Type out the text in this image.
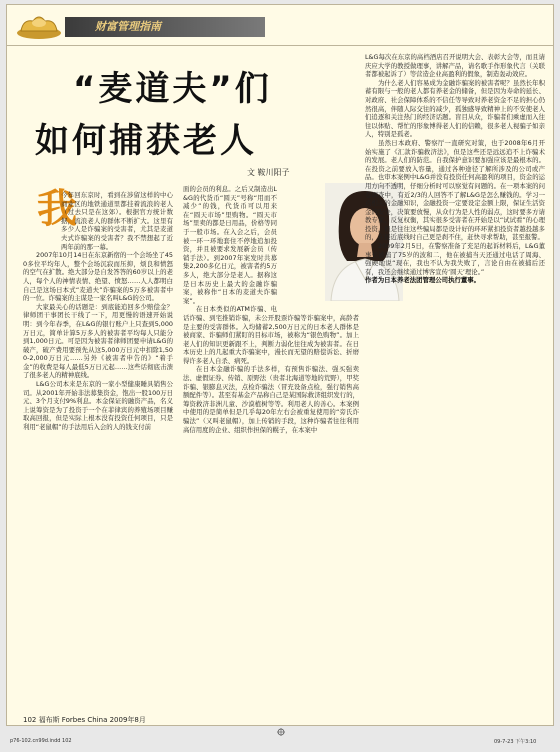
财富管理指南
“麦道夫”们
如何捕获老人
文 鞍川阳子
我

今年回东京时，看到在涉留这样的中心商业区的地铁通道里都挂着流浪的老人（过去只是在这郊）。根据官方统计数据，流浪老人的群体不断扩大。这里有多少人是诈骗案的受害者，尤其是麦道夫式诈骗案的受害者？我不禁想起了近两年前的那一幕。

2007年10月14日在东京新宿的一个会场坐了450多位平均年人，整个会场沉寂而压抑，烦良和愤怒的空气在扩散。绝大部分是自发答答的60岁以上的老人，每个人的神情表情、绝望、愤怒……人人都明白自己是这场日本式“麦道夫”诈骗案的5万多被害者中的一位。诈骗案的主谋是一家名叫L&G的公司。

大家最关心的话题是：到底能追回多少赔偿金？律师团干事团长干线了一下，用更慢的语速开始说明：到今年春季，在L&G的银行账户上只查到5,000万日元，简单计算5万多人的被害者平均每人只能分到1,000日元。可是因为被害者律师团要申请L&G的破产，破产费用要预先从这5,000万日元中扣除1,500-2,000万日元……另外《被害者申告的》“着手金”的收费是每人最低5万日元起……这些话彻底击溃了很多老人的精神底线。

L&G公司本来是东京的一家小型健康睡具销售公司。从2001年开始非法募集资金，饱出一股100万日元、3个月支付9%利息。本金保证的融资产品，名义上说筹资是为了投资于一个在菲律宾的养殖场项目赚取高回报，但是实际上根本没有投资任何项目，只是利用“老鼠帽”的手法用后入会的人的钱支付前

面的会员的利息。之后又制造出L&G的代货币“圆天”号称“用而不减少”的钱，代货币可以用来在“圆天市场”里购物。“圆天市场”里卖的都是日用品，价格等同于一般市场。在入会之后，会员被一环一环地套住不停地追加投资，并且被要求发展新会员（传销手法）。到2007年案发时共募集2,200多亿日元，被害者约5万多人，绝大部分是老人。据称这是日本历史上最大的金融诈骗案，被称作“日本的麦道夫诈骗案”。

在日本类似的ATM诈骗、电话诈骗、到宅推销诈骗，未公开股票诈骗等诈骗案中，高龄者是主要的受害群体。入均储蓄2,500万日元的日本老人群体是被商家、诈骗师们紧盯的目标市场，被称为“银色购物”。加上老人们的知识更新跟不上，判断力弱化往往成为被害者。在日本历史上的几起重大诈骗案中，漫长而无望的赔偿诉讼、折磨得许多老人自杀、病死。

在日本金融诈骗的手法多样，有预售诈骗法、强买强卖法、虚假证券、传销、原野法（贵者北海道等地的荒野），甲奖诈骗、银膨息灭法，点检诈骗法（冒充设备点检，强行销售高额配件等）。甚至有基金产品称自己是某国际救济组织发行的，筹资救济非洲儿童、沙漠植树等等。利用老人的善心。本案例中使用的是简单但是几乎每20年左右会被重复使用的“旁氏诈骗法”（又叫老鼠帽），加上传销的手段，这种诈骗者往往利用高信用度的企业、组织作担保的幌子，在本案中

L&G每次在东京的高档酒店召开说明大会、表彰大会等，而且请庆应大学的教授做理事，讲解产品，请名歌手作形象代言（关联者都被起诉了）等营造企业高盈利的假象，制造轰动效应。

为什么老人们容易成为金融诈骗案的被害者呢？虽然长年积蓄有限与一般的老人都有养老金的储备，但是因为寿命的延长、对政府、社会保障体系的不信任等导致对养老资金不足的担心仍然很高，伴随人际交往的减少，孤独感导致精神上的不安使老人们追逐和关注热门的经济话题。盲目从众，诈骗者们乘虚而入往往以体贴、帮忙的形象博得老人们的信赖，很多老人视骗子如亲人，特别是孤老。

虽然日本政府、警察厅一直研究对策，也于2008年6月开始实施了《汇款诈骗救济法》，但是这些还是远远追不上诈骗术的发展。老人们的防范。自我保护意识要加强应该是最根本的。在投资之前要放入容量，通过各种途径了解所涉及的公司或产品。也审本案例中L&G并没有投资任何高盈利的项目，资金的运用方向不透明，仔细分析时可以察觉有问题的。在一项本案的问卷调查中，有近2/3的人回答不了解L&G是怎么赚钱的。学习一点相关的金融知识，金融投资一定要设定金额上限，保证生活资金的安全，决策要放慢，从众行为是人性的弱点，这时要多方请教专家、反复权衡，其实很多受害者在开始是以“试试看”的心理投资，但是往往这些骗局都是设计好的环环紧扣投资者越投越多的，在接近底线时自己更是刹不住，赶快寻求帮助，甚至报警。

2009年2月5日，在警察准备了充足的起诉材料后，L&G董事长被捕了75岁的波和二，他在被捕当天还通过电话了周海、强硬地说“现在，我也不认为我失败了，言论自由在被捕后还有，我还会继续通过博客宣传‘圆天’理论。”

作者为日本养老法团管理公司执行董事。

102 福布斯 Forbes China 2009年8月
p76-102.cn99d.indd 102	09-7-23 下午3:10
